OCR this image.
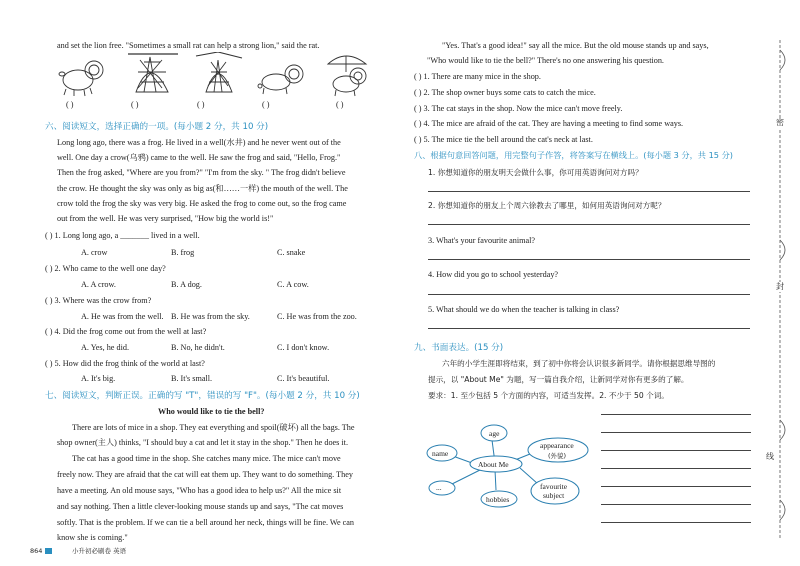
and set the lion free. "Sometimes a small rat can help a strong lion," said the rat.
( )	( )	( )	( )	( )
六、阅读短文，选择正确的一项。(每小题 2 分，共 10 分)
Long long ago, there was a frog. He lived in a well(水井) and he never went out of the
well. One day a crow(乌鸦) came to the well. He saw the frog and said, "Hello, Frog."
Then the frog asked, "Where are you from?" "I'm from the sky. " The frog didn't believe
the crow. He thought the sky was only as big as(和……一样) the mouth of the well. The
crow told the frog the sky was very big. He asked the frog to come out, so the frog came
out from the well. He was very surprised, "How big the world is!"
( ) 1. Long long ago, a _______ lived in a well.
A. crow	B. frog	C. snake
( ) 2. Who came to the well one day?
A. A crow.	B. A dog.	C. A cow.
( ) 3. Where was the crow from?
A. He was from the well. B. He was from the sky.	C. He was from the zoo.
( ) 4. Did the frog come out from the well at last?
A. Yes, he did.	B. No, he didn't.	C. I don't know.
( ) 5. How did the frog think of the world at last?
A. It's big.	B. It's small.	C. It's beautiful.
七、阅读短文，判断正误。正确的写 "T"，错误的写 "F"。(每小题 2 分，共 10 分)
Who would like to tie the bell?
There are lots of mice in a shop. They eat everything and spoil(破坏) all the bags. The
shop owner(主人) thinks, "I should buy a cat and let it stay in the shop." Then he does it.
The cat has a good time in the shop. She catches many mice. The mice can't move
freely now. They are afraid that the cat will eat them up. They want to do something. They
have a meeting. An old mouse says, "Who has a good idea to help us?" All the mice sit
and say nothing. Then a little clever-looking mouse stands up and says, "The cat moves
softly. That is the problem. If we can tie a bell around her neck, things will be fine. We can
know she is coming."
864	小升初必刷卷 英语
"Yes. That's a good idea!" say all the mice. But the old mouse stands up and says,
"Who would like to tie the bell?" There's no one answering his question.
( ) 1. There are many mice in the shop.
( ) 2. The shop owner buys some cats to catch the mice.
( ) 3. The cat stays in the shop. Now the mice can't move freely.
( ) 4. The mice are afraid of the cat. They are having a meeting to find some ways.
( ) 5. The mice tie the bell around the cat's neck at last.
八、根据句意回答问题，用完整句子作答，将答案写在横线上。(每小题 3 分，共 15 分)
1. 你想知道你的朋友明天会做什么事，你可用英语询问对方吗？
2. 你想知道你的朋友上个周六徐教去了哪里，如何用英语询问对方呢？
3. What's your favourite animal?
4. How did you go to school yesterday?
5. What should we do when the teacher is talking in class?
九、书面表达。(15 分)
六年的小学生涯即将结束，到了初中你将会认识很多新同学。请你根据思维导图的
提示，以 "About Me" 为题，写一篇自我介绍，让新同学对你有更多的了解。
要求：1. 至少包括 5 个方面的内容，可适当发挥。2. 不少于 50 个词。
age
About Me
appearance
(外貌)
name
favourite
subject
...
hobbies
密
封
线
